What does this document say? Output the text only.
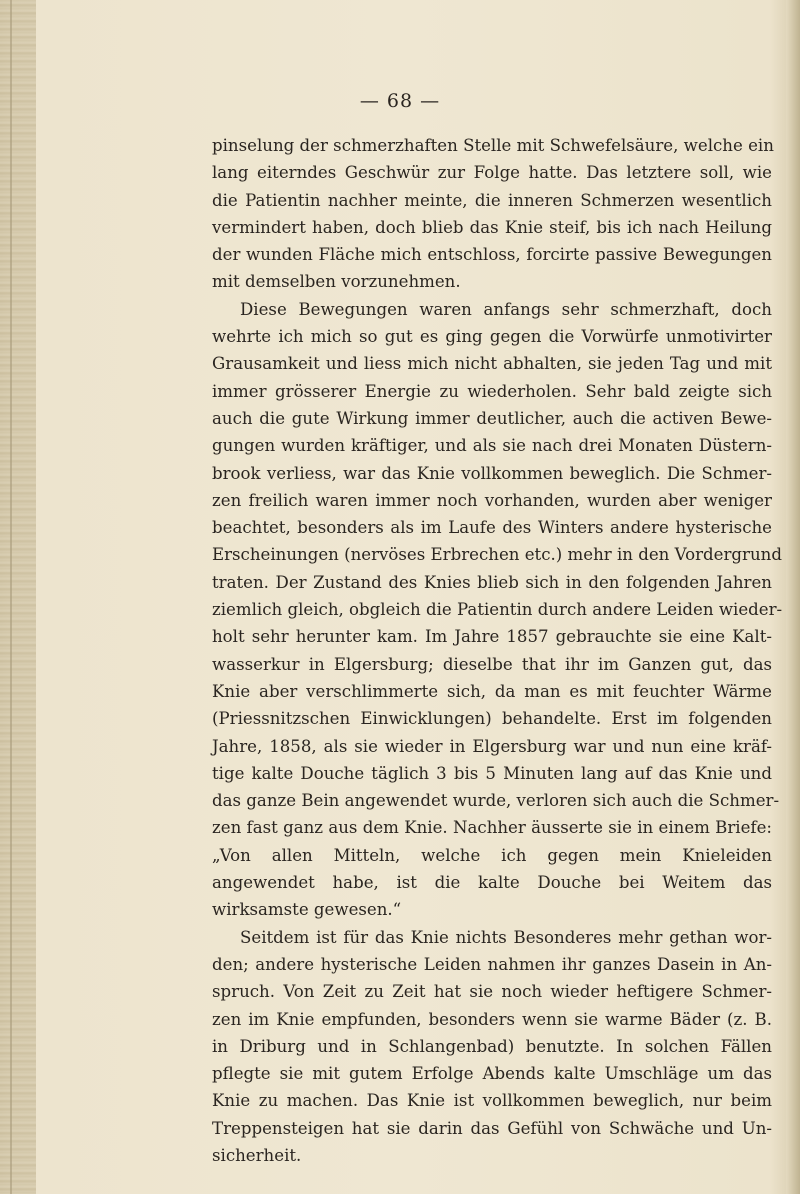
— 68 —
pinselung der schmerzhaften Stelle mit Schwefelsäure, welche ein
lang eiterndes Geschwür zur Folge hatte. Das letztere soll, wie
die Patientin nachher meinte, die inneren Schmerzen wesentlich
vermindert haben, doch blieb das Knie steif, bis ich nach Heilung
der wunden Fläche mich entschloss, forcirte passive Bewegungen
mit demselben vorzunehmen.
Diese Bewegungen waren anfangs sehr schmerzhaft, doch
wehrte ich mich so gut es ging gegen die Vorwürfe unmotivirter
Grausamkeit und liess mich nicht abhalten, sie jeden Tag und mit
immer grösserer Energie zu wiederholen. Sehr bald zeigte sich
auch die gute Wirkung immer deutlicher, auch die activen Bewe-
gungen wurden kräftiger, und als sie nach drei Monaten Düstern-
brook verliess, war das Knie vollkommen beweglich. Die Schmer-
zen freilich waren immer noch vorhanden, wurden aber weniger
beachtet, besonders als im Laufe des Winters andere hysterische
Erscheinungen (nervöses Erbrechen etc.) mehr in den Vordergrund
traten. Der Zustand des Knies blieb sich in den folgenden Jahren
ziemlich gleich, obgleich die Patientin durch andere Leiden wieder-
holt sehr herunter kam. Im Jahre 1857 gebrauchte sie eine Kalt-
wasserkur in Elgersburg; dieselbe that ihr im Ganzen gut, das
Knie aber verschlimmerte sich, da man es mit feuchter Wärme
(Priessnitzschen Einwicklungen) behandelte. Erst im folgenden
Jahre, 1858, als sie wieder in Elgersburg war und nun eine kräf-
tige kalte Douche täglich 3 bis 5 Minuten lang auf das Knie und
das ganze Bein angewendet wurde, verloren sich auch die Schmer-
zen fast ganz aus dem Knie. Nachher äusserte sie in einem Briefe:
„Von allen Mitteln, welche ich gegen mein Knieleiden
angewendet habe, ist die kalte Douche bei Weitem das
wirksamste gewesen.“
Seitdem ist für das Knie nichts Besonderes mehr gethan wor-
den; andere hysterische Leiden nahmen ihr ganzes Dasein in An-
spruch. Von Zeit zu Zeit hat sie noch wieder heftigere Schmer-
zen im Knie empfunden, besonders wenn sie warme Bäder (z. B.
in Driburg und in Schlangenbad) benutzte. In solchen Fällen
pflegte sie mit gutem Erfolge Abends kalte Umschläge um das
Knie zu machen. Das Knie ist vollkommen beweglich, nur beim
Treppensteigen hat sie darin das Gefühl von Schwäche und Un-
sicherheit.
